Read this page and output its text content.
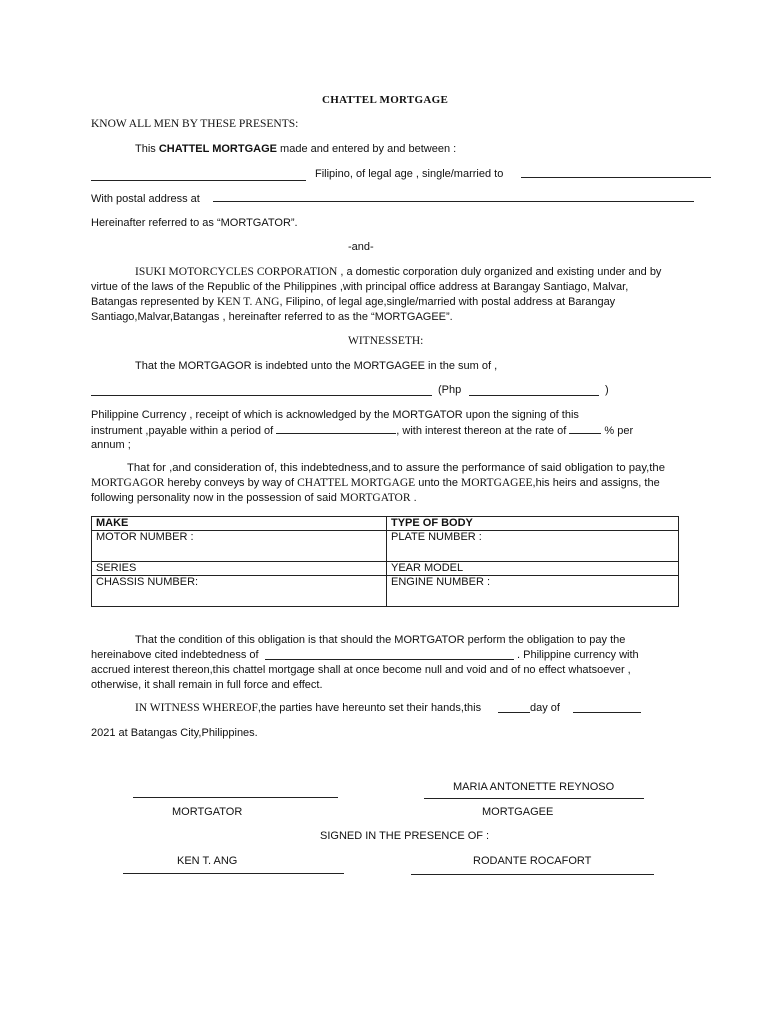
CHATTEL MORTGAGE
KNOW ALL MEN BY THESE PRESENTS:
This CHATTEL MORTGAGE made and entered by and between :
Filipino, of legal age , single/married to
With postal address at
Hereinafter referred to as “MORTGATOR”.
-and-
ISUKI MOTORCYCLES CORPORATION , a domestic corporation duly organized and existing under and by
virtue of the laws of the Republic of the Philippines ,with principal office address at Barangay Santiago, Malvar,
Batangas represented by KEN T. ANG, Filipino, of legal age,single/married with postal address at Barangay
Santiago,Malvar,Batangas , hereinafter referred to as the “MORTGAGEE”.
WITNESSETH:
That the MORTGAGOR is indebted unto the MORTGAGEE in the sum of ,
(Php	)
Philippine Currency , receipt of which is acknowledged by the MORTGATOR upon the signing of this
instrument ,payable within a period of	, with interest thereon at the rate of	% per
annum ;
That for ,and consideration of, this indebtedness,and to assure the performance of said obligation to pay,the
MORTGAGOR hereby conveys by way of CHATTEL MORTGAGE unto the MORTGAGEE,his heirs and assigns, the
following personality now in the possession of said MORTGATOR .
MAKE	TYPE OF BODY
MOTOR NUMBER :	PLATE NUMBER :
SERIES	YEAR MODEL
CHASSIS NUMBER:	ENGINE NUMBER :
That the condition of this obligation is that should the MORTGATOR perform the obligation to pay the
hereinabove cited indebtedness of	. Philippine currency with
accrued interest thereon,this chattel mortgage shall at once become null and void and of no effect whatsoever ,
otherwise, it shall remain in full force and effect.
IN WITNESS WHEREOF,the parties have hereunto set their hands,this	day of
2021 at Batangas City,Philippines.
MARIA ANTONETTE REYNOSO
MORTGATOR	MORTGAGEE
SIGNED IN THE PRESENCE OF :
KEN T. ANG	RODANTE ROCAFORT
